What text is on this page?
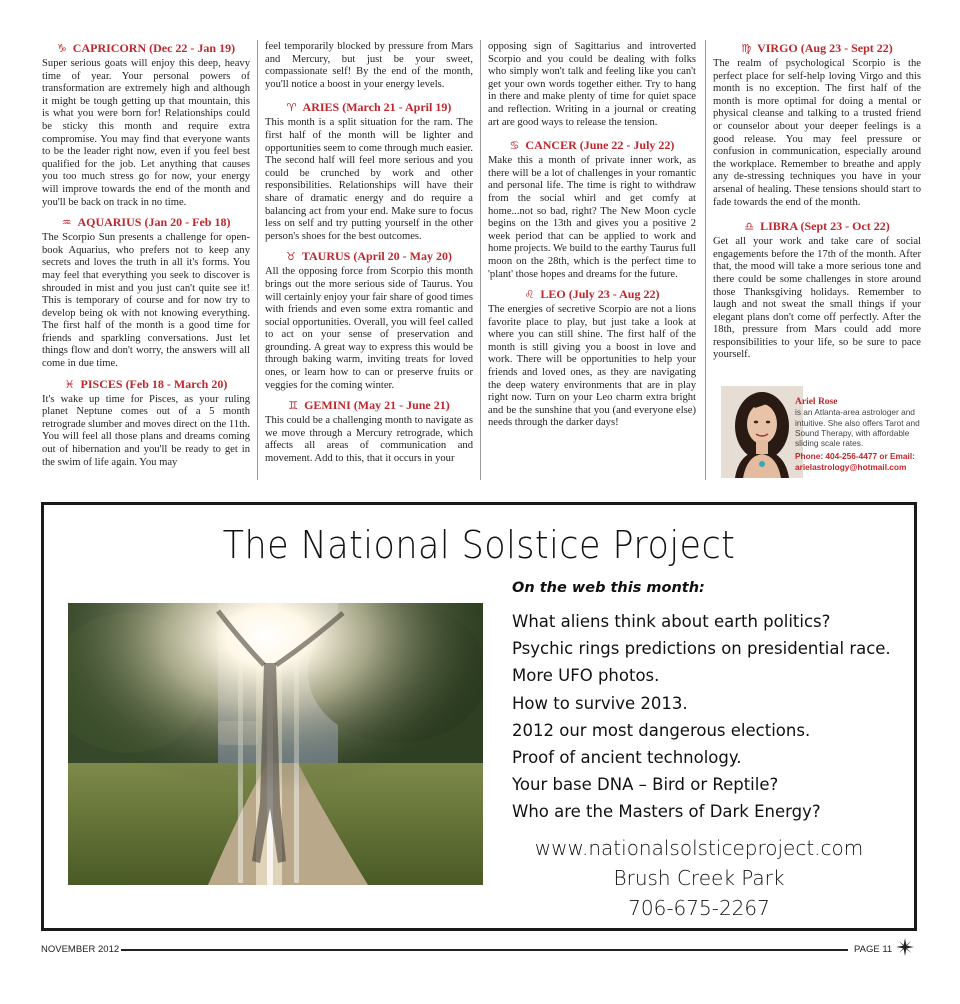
♑ CAPRICORN (Dec 22 - Jan 19)

Super serious goats will enjoy this deep, heavy time of year. Your personal powers of transformation are extremely high and although it might be tough getting up that mountain, this is what you were born for! Relationships could be sticky this month and require extra compromise. You may find that everyone wants to be the leader right now, even if you feel best qualified for the job. Let anything that causes you too much stress go for now, your energy will improve towards the end of the month and you'll be back on track in no time.

♒ AQUARIUS (Jan 20 - Feb 18)

The Scorpio Sun presents a challenge for open-book Aquarius, who prefers not to keep any secrets and loves the truth in all it's forms. You may feel that everything you seek to discover is shrouded in mist and you just can't quite see it! This is temporary of course and for now try to develop being ok with not knowing everything. The first half of the month is a good time for friends and sparkling conversations. Just let things flow and don't worry, the answers will all come in due time.

♓ PISCES (Feb 18 - March 20)

It's wake up time for Pisces, as your ruling planet Neptune comes out of a 5 month retrograde slumber and moves direct on the 11th. You will feel all those plans and dreams coming out of hibernation and you'll be ready to get in the swim of life again. You may

feel temporarily blocked by pressure from Mars and Mercury, but just be your sweet, compassionate self! By the end of the month, you'll notice a boost in your energy levels.

♈ ARIES (March 21 - April 19)

This month is a split situation for the ram. The first half of the month will be lighter and opportunities seem to come through much easier. The second half will feel more serious and you could be crunched by work and other responsibilities. Relationships will have their share of dramatic energy and do require a balancing act from your end. Make sure to focus less on self and try putting yourself in the other person's shoes for the best outcomes.

♉ TAURUS (April 20 - May 20)

All the opposing force from Scorpio this month brings out the more serious side of Taurus. You will certainly enjoy your fair share of good times with friends and even some extra romantic and social opportunities. Overall, you will feel called to act on your sense of preservation and grounding. A great way to express this would be through baking warm, inviting treats for loved ones, or learn how to can or preserve fruits or veggies for the coming winter.

♊ GEMINI (May 21 - June 21)

This could be a challenging month to navigate as we move through a Mercury retrograde, which affects all areas of communication and movement. Add to this, that it occurs in your

opposing sign of Sagittarius and introverted Scorpio and you could be dealing with folks who simply won't talk and feeling like you can't get your own words together either. Try to hang in there and make plenty of time for quiet space and reflection. Writing in a journal or creating art are good ways to release the tension.

♋ CANCER (June 22 - July 22)

Make this a month of private inner work, as there will be a lot of challenges in your romantic and personal life. The time is right to withdraw from the social whirl and get comfy at home...not so bad, right? The New Moon cycle begins on the 13th and gives you a positive 2 week period that can be applied to work and home projects. We build to the earthy Taurus full moon on the 28th, which is the perfect time to 'plant' those hopes and dreams for the future.

♌ LEO (July 23 - Aug 22)

The energies of secretive Scorpio are not a lions favorite place to play, but just take a look at where you can still shine. The first half of the month is still giving you a boost in love and work. There will be opportunities to help your friends and loved ones, as they are navigating the deep watery environments that are in play right now. Turn on your Leo charm extra bright and be the sunshine that you (and everyone else) needs through the darker days!

♍ VIRGO (Aug 23 - Sept 22)

The realm of psychological Scorpio is the perfect place for self-help loving Virgo and this month is no exception. The first half of the month is more optimal for doing a mental or physical cleanse and talking to a trusted friend or counselor about your deeper feelings is a good release. You may feel pressure or confusion in communication, especially around the workplace. Remember to breathe and apply any de-stressing techniques you have in your arsenal of healing. These tensions should start to fade towards the end of the month.

♎ LIBRA (Sept 23 - Oct 22)

Get all your work and take care of social engagements before the 17th of the month. After that, the mood will take a more serious tone and there could be some challenges in store around those Thanksgiving holidays. Remember to laugh and not sweat the small things if your elegant plans don't come off perfectly. After the 18th, pressure from Mars could add more responsibilities to your life, so be sure to pace yourself.

Ariel Rose
is an Atlanta-area astrologer and intuitive. She also offers Tarot and Sound Therapy, with affordable sliding scale rates.
Phone: 404-256-4477 or Email:
arielastrology@hotmail.com
The National Solstice Project
On the web this month:
What aliens think about earth politics?
Psychic rings predictions on presidential race.
More UFO photos.
How to survive 2013.
2012 our most dangerous elections.
Proof of ancient technology.
Your base DNA – Bird or Reptile?
Who are the Masters of Dark Energy?
www.nationalsolsticeproject.com
Brush Creek Park
706-675-2267
NOVEMBER 2012	PAGE 11
